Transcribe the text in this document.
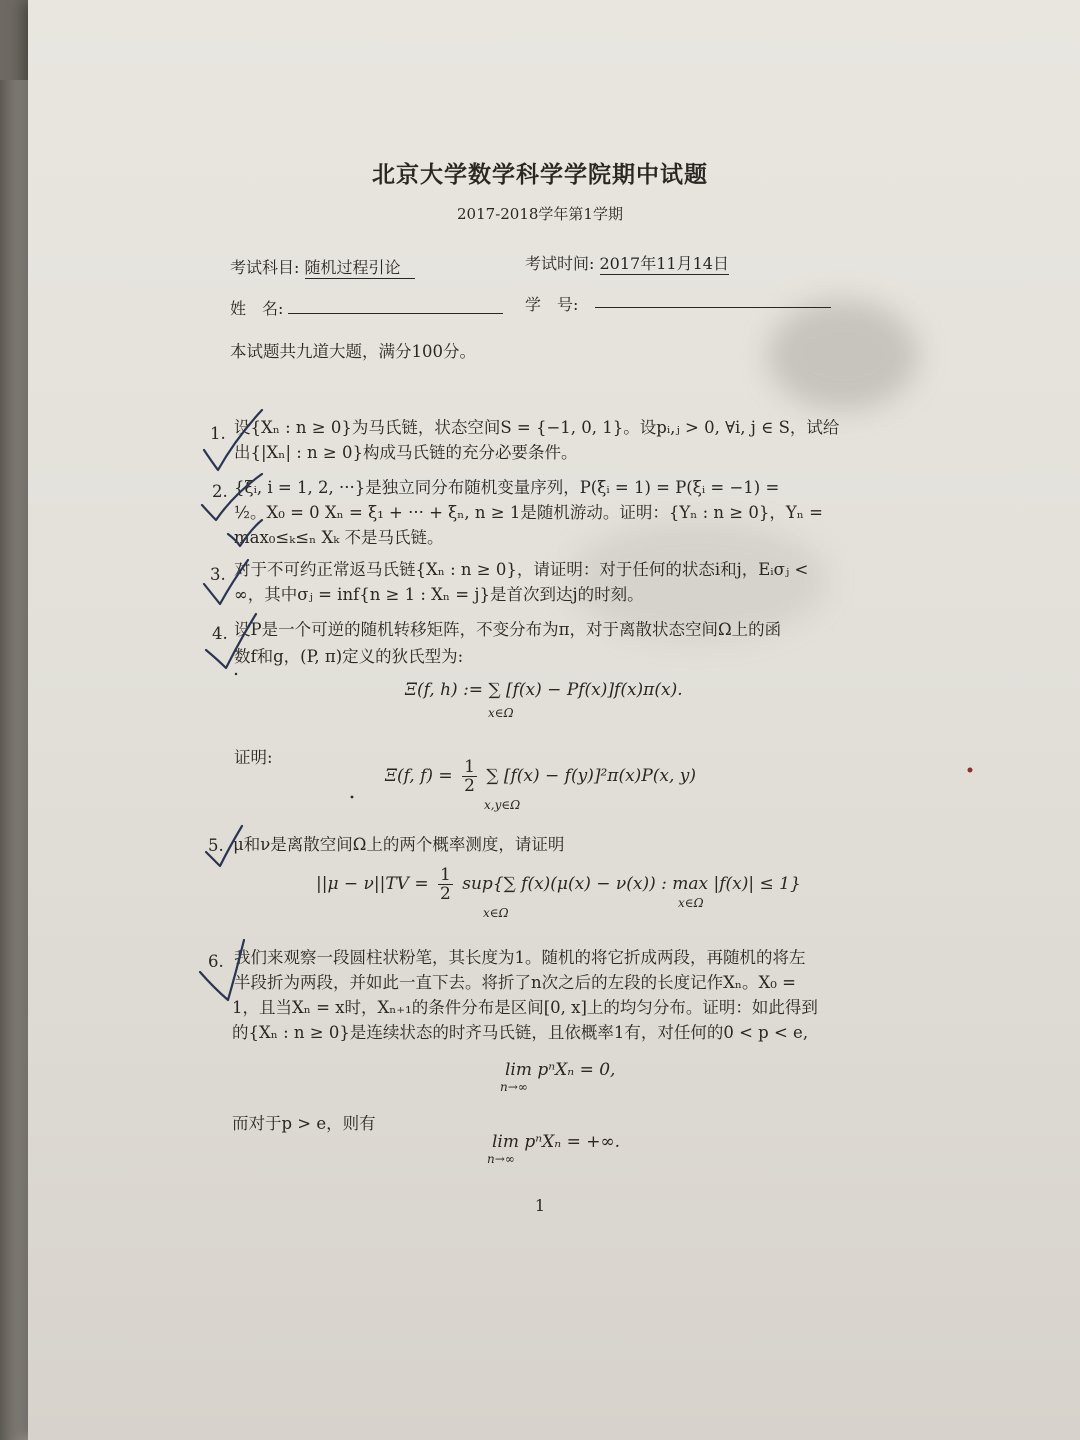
北京大学数学科学学院期中试题
2017-2018学年第1学期
考试科目: 随机过程引论	考试时间: 2017年11月14日
姓　名:	学　号:
本试题共九道大题，满分100分。
1. 设{Xₙ : n ≥ 0}为马氏链，状态空间S = {−1, 0, 1}。设pᵢ,ⱼ > 0, ∀i, j ∈ S，试给
出{|Xₙ| : n ≥ 0}构成马氏链的充分必要条件。
2. {ξᵢ, i = 1, 2, ···}是独立同分布随机变量序列，P(ξᵢ = 1) = P(ξᵢ = −1) =
½。X₀ = 0 Xₙ = ξ₁ + ··· + ξₙ, n ≥ 1是随机游动。证明：{Yₙ : n ≥ 0}，Yₙ =
max₀≤ₖ≤ₙ Xₖ 不是马氏链。
3. 对于不可约正常返马氏链{Xₙ : n ≥ 0}，请证明：对于任何的状态i和j，Eᵢσⱼ <
∞，其中σⱼ = inf{n ≥ 1 : Xₙ = j}是首次到达j的时刻。
4. 设P是一个可逆的随机转移矩阵，不变分布为π，对于离散状态空间Ω上的函
数f和g，(P, π)定义的狄氏型为:
Ξ(f, h) := ∑ [f(x) − Pf(x)]f(x)π(x).
x∈Ω
证明:
Ξ(f, $f) = \frac{1}{2}$ ∑ [f(x) − f(y)]²π(x)P(x, y)
x,y∈Ω
5. μ和ν是离散空间Ω上的两个概率测度，请证明
$||\mu - \nu||TV = \frac{1}{2} sup\{\sum$ f(x)(μ(x) − ν(x)) : max |f(x)| ≤ 1}
x∈Ω
x∈Ω
6. 我们来观察一段圆柱状粉笔，其长度为1。随机的将它折成两段，再随机的将左
半段折为两段，并如此一直下去。将折了n次之后的左段的长度记作Xₙ。X₀ =
1，且当Xₙ = x时，Xₙ₊₁的条件分布是区间[0, x]上的均匀分布。证明：如此得到
的{Xₙ : n ≥ 0}是连续状态的时齐马氏链，且依概率1有，对任何的0 < p < e,
lim pⁿXₙ = 0,
n→∞
而对于p > e，则有
lim pⁿXₙ = +∞.
n→∞
1
